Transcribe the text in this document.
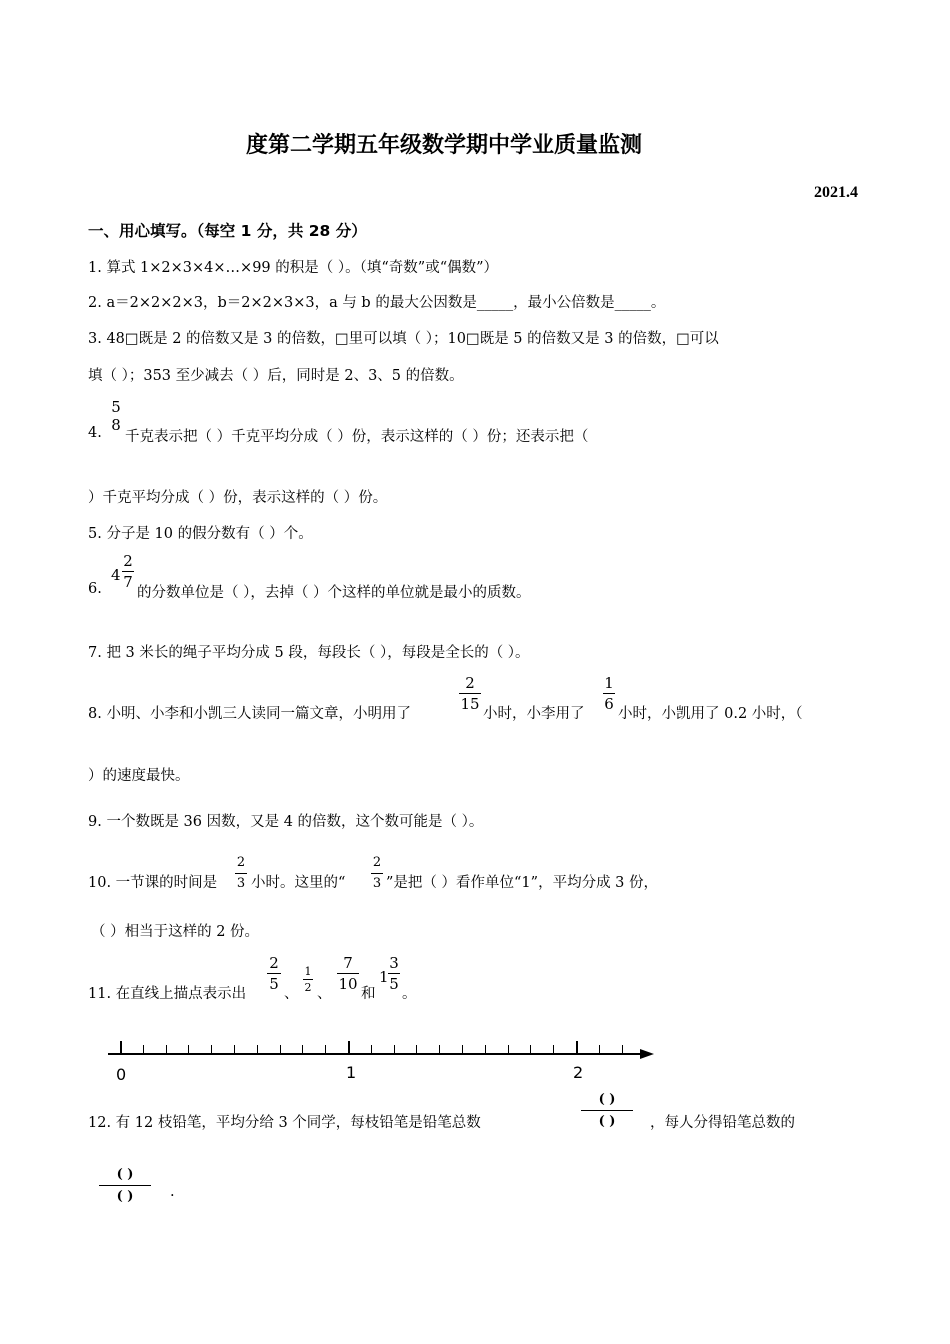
度第二学期五年级数学期中学业质量监测
2021.4
一、用心填写。（每空 1 分，共 28 分）
1. 算式 1×2×3×4×…×99 的积是（ ）。（填“奇数”或“偶数”）
2. a＝2×2×2×3，b＝2×2×3×3，a 与 b 的最大公因数是_____，最小公倍数是_____。
3. 48□既是 2 的倍数又是 3 的倍数，□里可以填（ ）；10□既是 5 的倍数又是 3 的倍数，□可以
填（ ）；353 至少减去（ ）后，同时是 2、3、5 的倍数。
4.
5
8
千克表示把（ ）千克平均分成（ ）份，表示这样的（ ）份；还表示把（
）千克平均分成（ ）份，表示这样的（ ）份。
5. 分子是 10 的假分数有（ ）个。
6.
4
2
7
的分数单位是（ ），去掉（ ）个这样的单位就是最小的质数。
7. 把 3 米长的绳子平均分成 5 段，每段长（ ），每段是全长的（ ）。
8. 小明、小李和小凯三人读同一篇文章，小明用了
2
15
小时，小李用了
1
6
小时，小凯用了 0.2 小时，（
）的速度最快。
9. 一个数既是 36 因数，又是 4 的倍数，这个数可能是（ ）。
10. 一节课的时间是
2
3 小时。这里的“
2
3 ”是把（ ）看作单位“1”，平均分成 3 份，
（ ）相当于这样的 2 份。
11. 在直线上描点表示出
2
5
、
1
2 、
7
10
和
1
3
5
。
0	1	2
12. 有 12 枝铅笔，平均分给 3 个同学，每枝铅笔是铅笔总数
( )
( )	，每人分得铅笔总数的
( )
( )	.
